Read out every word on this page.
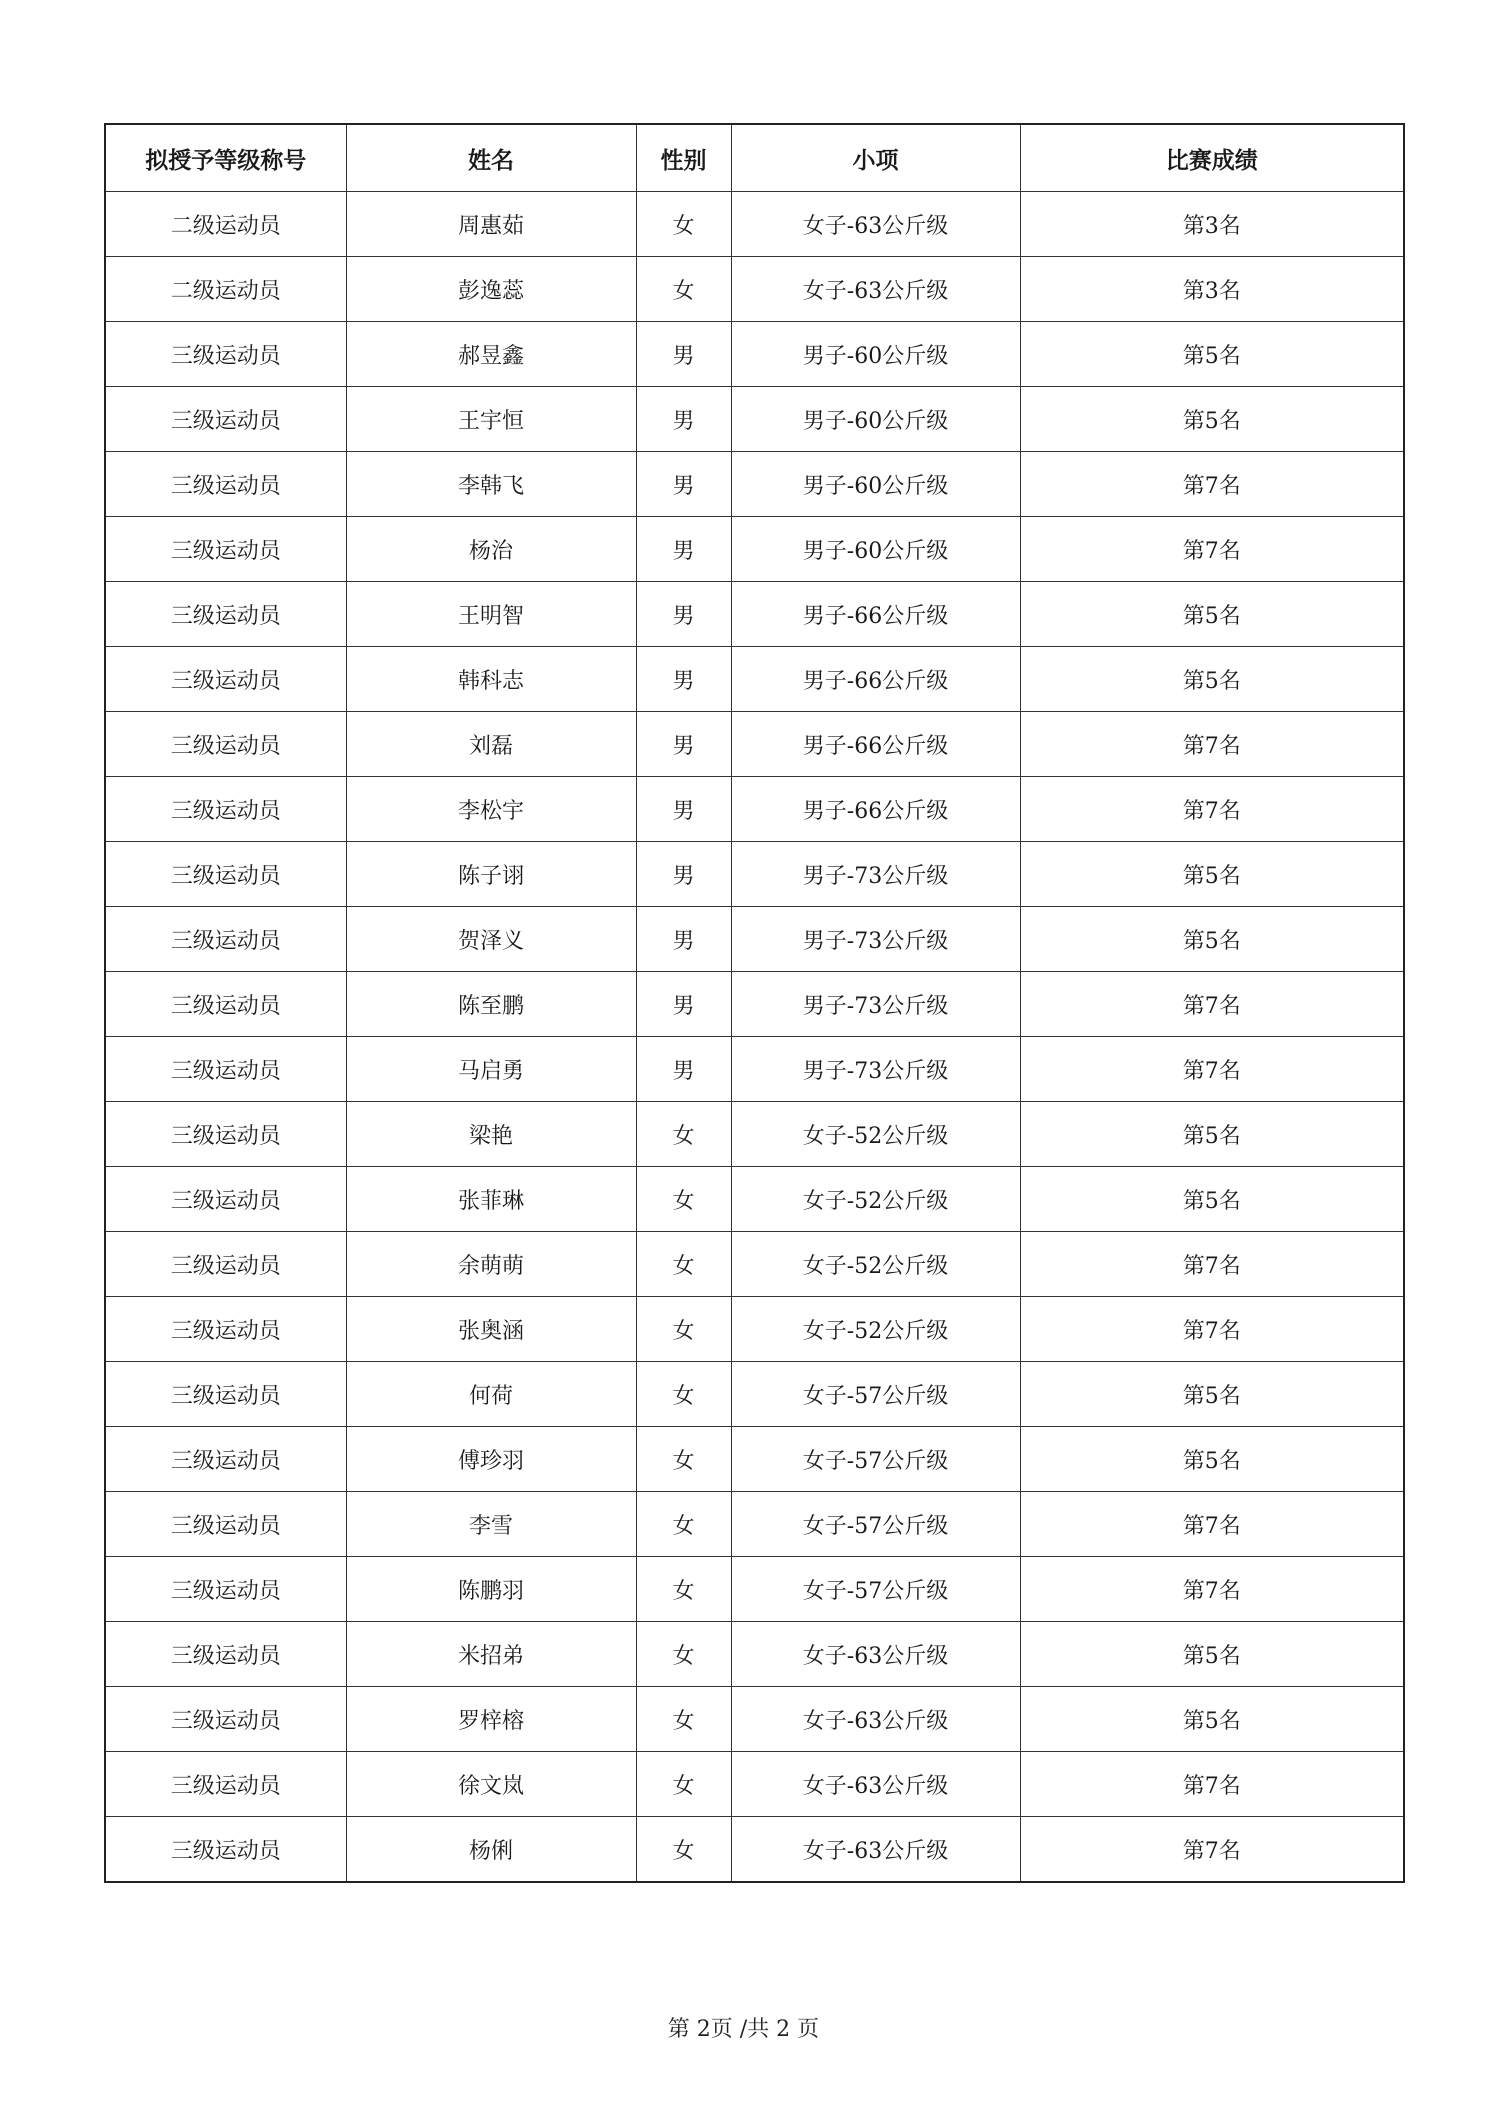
拟授予等级称号	姓名	性别	小项	比赛成绩
二级运动员	周惠茹	女	女子-63公斤级	第3名
二级运动员	彭逸蕊	女	女子-63公斤级	第3名
三级运动员	郝昱鑫	男	男子-60公斤级	第5名
三级运动员	王宇恒	男	男子-60公斤级	第5名
三级运动员	李韩飞	男	男子-60公斤级	第7名
三级运动员	杨治	男	男子-60公斤级	第7名
三级运动员	王明智	男	男子-66公斤级	第5名
三级运动员	韩科志	男	男子-66公斤级	第5名
三级运动员	刘磊	男	男子-66公斤级	第7名
三级运动员	李松宇	男	男子-66公斤级	第7名
三级运动员	陈子诩	男	男子-73公斤级	第5名
三级运动员	贺泽义	男	男子-73公斤级	第5名
三级运动员	陈至鹏	男	男子-73公斤级	第7名
三级运动员	马启勇	男	男子-73公斤级	第7名
三级运动员	梁艳	女	女子-52公斤级	第5名
三级运动员	张菲琳	女	女子-52公斤级	第5名
三级运动员	余萌萌	女	女子-52公斤级	第7名
三级运动员	张奥涵	女	女子-52公斤级	第7名
三级运动员	何荷	女	女子-57公斤级	第5名
三级运动员	傅珍羽	女	女子-57公斤级	第5名
三级运动员	李雪	女	女子-57公斤级	第7名
三级运动员	陈鹏羽	女	女子-57公斤级	第7名
三级运动员	米招弟	女	女子-63公斤级	第5名
三级运动员	罗梓榕	女	女子-63公斤级	第5名
三级运动员	徐文岚	女	女子-63公斤级	第7名
三级运动员	杨俐	女	女子-63公斤级	第7名
第 2页 /共 2 页
